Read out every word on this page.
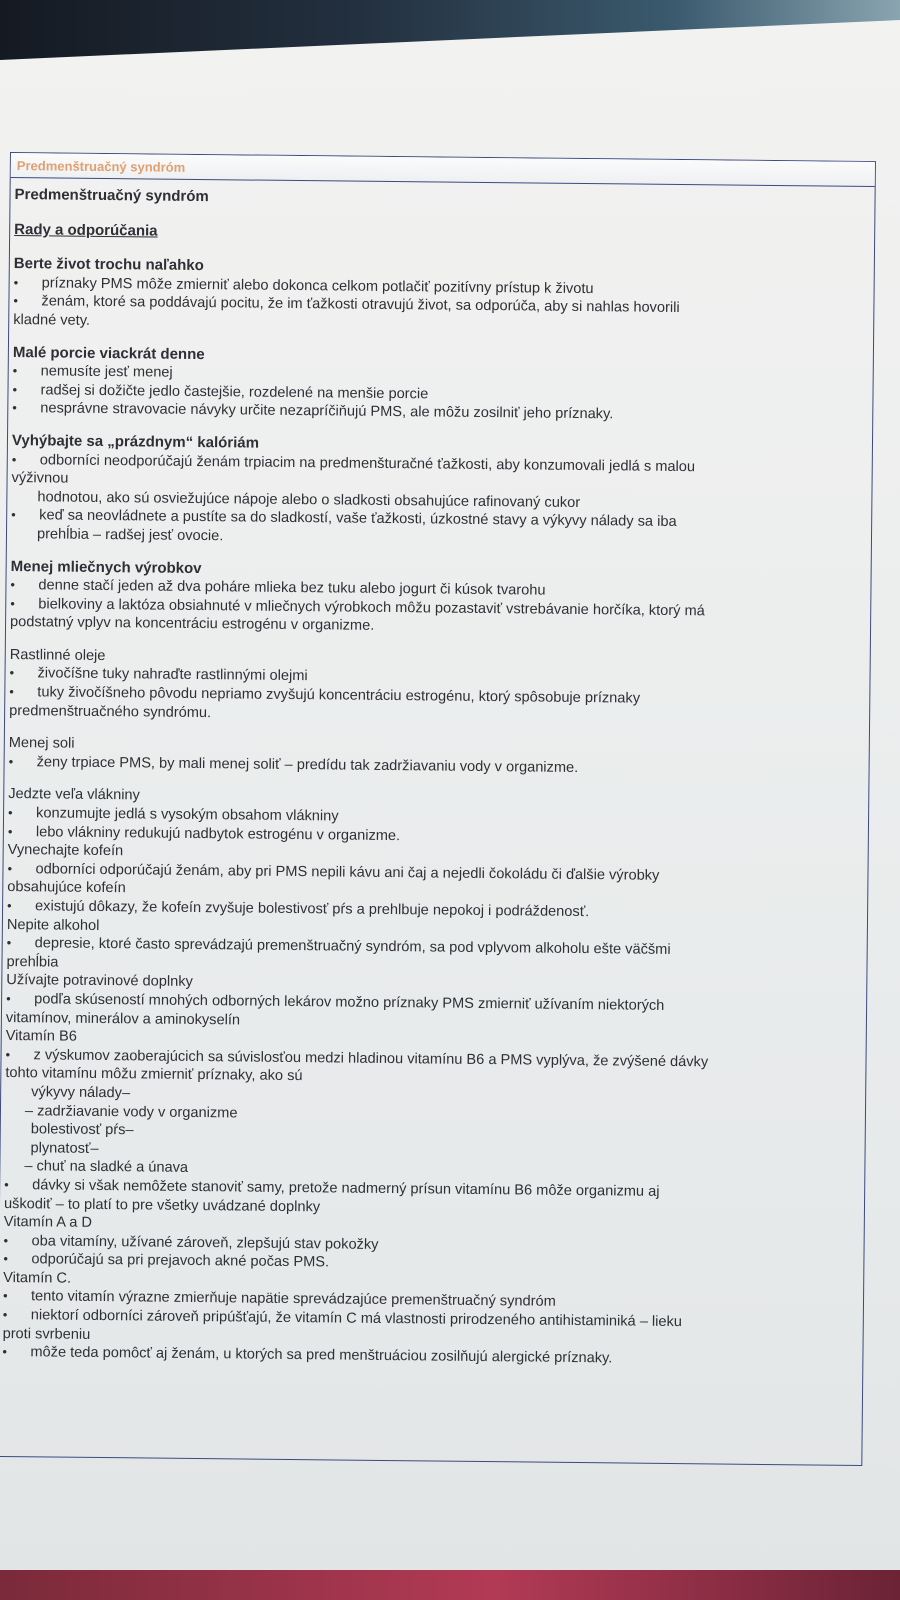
Predmenštruačný syndróm
Predmenštruačný syndróm
Rady a odporúčania
Berte život trochu naľahko
• príznaky PMS môže zmierniť alebo dokonca celkom potlačiť pozitívny prístup k životu
• ženám, ktoré sa poddávajú pocitu, že im ťažkosti otravujú život, sa odporúča, aby si nahlas hovorili
kladné vety.
Malé porcie viackrát denne
• nemusíte jesť menej
• radšej si dožičte jedlo častejšie, rozdelené na menšie porcie
• nesprávne stravovacie návyky určite nezapríčiňujú PMS, ale môžu zosilniť jeho príznaky.
Vyhýbajte sa „prázdnym“ kalóriám
• odborníci neodporúčajú ženám trpiacim na predmenšturačné ťažkosti, aby konzumovali jedlá s malou
výživnou
hodnotou, ako sú osviežujúce nápoje alebo o sladkosti obsahujúce rafinovaný cukor
• keď sa neovládnete a pustíte sa do sladkostí, vaše ťažkosti, úzkostné stavy a výkyvy nálady sa iba
prehĺbia – radšej jesť ovocie.
Menej mliečnych výrobkov
• denne stačí jeden až dva poháre mlieka bez tuku alebo jogurt či kúsok tvarohu
• bielkoviny a laktóza obsiahnuté v mliečnych výrobkoch môžu pozastaviť vstrebávanie horčíka, ktorý má
podstatný vplyv na koncentráciu estrogénu v organizme.
Rastlinné oleje
• živočíšne tuky nahraďte rastlinnými olejmi
• tuky živočíšneho pôvodu nepriamo zvyšujú koncentráciu estrogénu, ktorý spôsobuje príznaky
predmenštruačného syndrómu.
Menej soli
• ženy trpiace PMS, by mali menej soliť – predídu tak zadržiavaniu vody v organizme.
Jedzte veľa vlákniny
• konzumujte jedlá s vysokým obsahom vlákniny
• lebo vlákniny redukujú nadbytok estrogénu v organizme.
Vynechajte kofeín
• odborníci odporúčajú ženám, aby pri PMS nepili kávu ani čaj a nejedli čokoládu či ďalšie výrobky
obsahujúce kofeín
• existujú dôkazy, že kofeín zvyšuje bolestivosť pŕs a prehlbuje nepokoj i podráždenosť.
Nepite alkohol
• depresie, ktoré často sprevádzajú premenštruačný syndróm, sa pod vplyvom alkoholu ešte väčšmi
prehĺbia
Užívajte potravinové doplnky
• podľa skúseností mnohých odborných lekárov možno príznaky PMS zmierniť užívaním niektorých
vitamínov, minerálov a aminokyselín
Vitamín B6
• z výskumov zaoberajúcich sa súvislosťou medzi hladinou vitamínu B6 a PMS vyplýva, že zvýšené dávky
tohto vitamínu môžu zmierniť príznaky, ako sú
výkyvy nálady–
– zadržiavanie vody v organizme
bolestivosť pŕs–
plynatosť–
– chuť na sladké a únava
• dávky si však nemôžete stanoviť samy, pretože nadmerný prísun vitamínu B6 môže organizmu aj
uškodiť – to platí to pre všetky uvádzané doplnky
Vitamín A a D
• oba vitamíny, užívané zároveň, zlepšujú stav pokožky
• odporúčajú sa pri prejavoch akné počas PMS.
Vitamín C.
• tento vitamín výrazne zmierňuje napätie sprevádzajúce premenštruačný syndróm
• niektorí odborníci zároveň pripúšťajú, že vitamín C má vlastnosti prirodzeného antihistaminiká – lieku
proti svrbeniu
• môže teda pomôcť aj ženám, u ktorých sa pred menštruáciou zosilňujú alergické príznaky.
